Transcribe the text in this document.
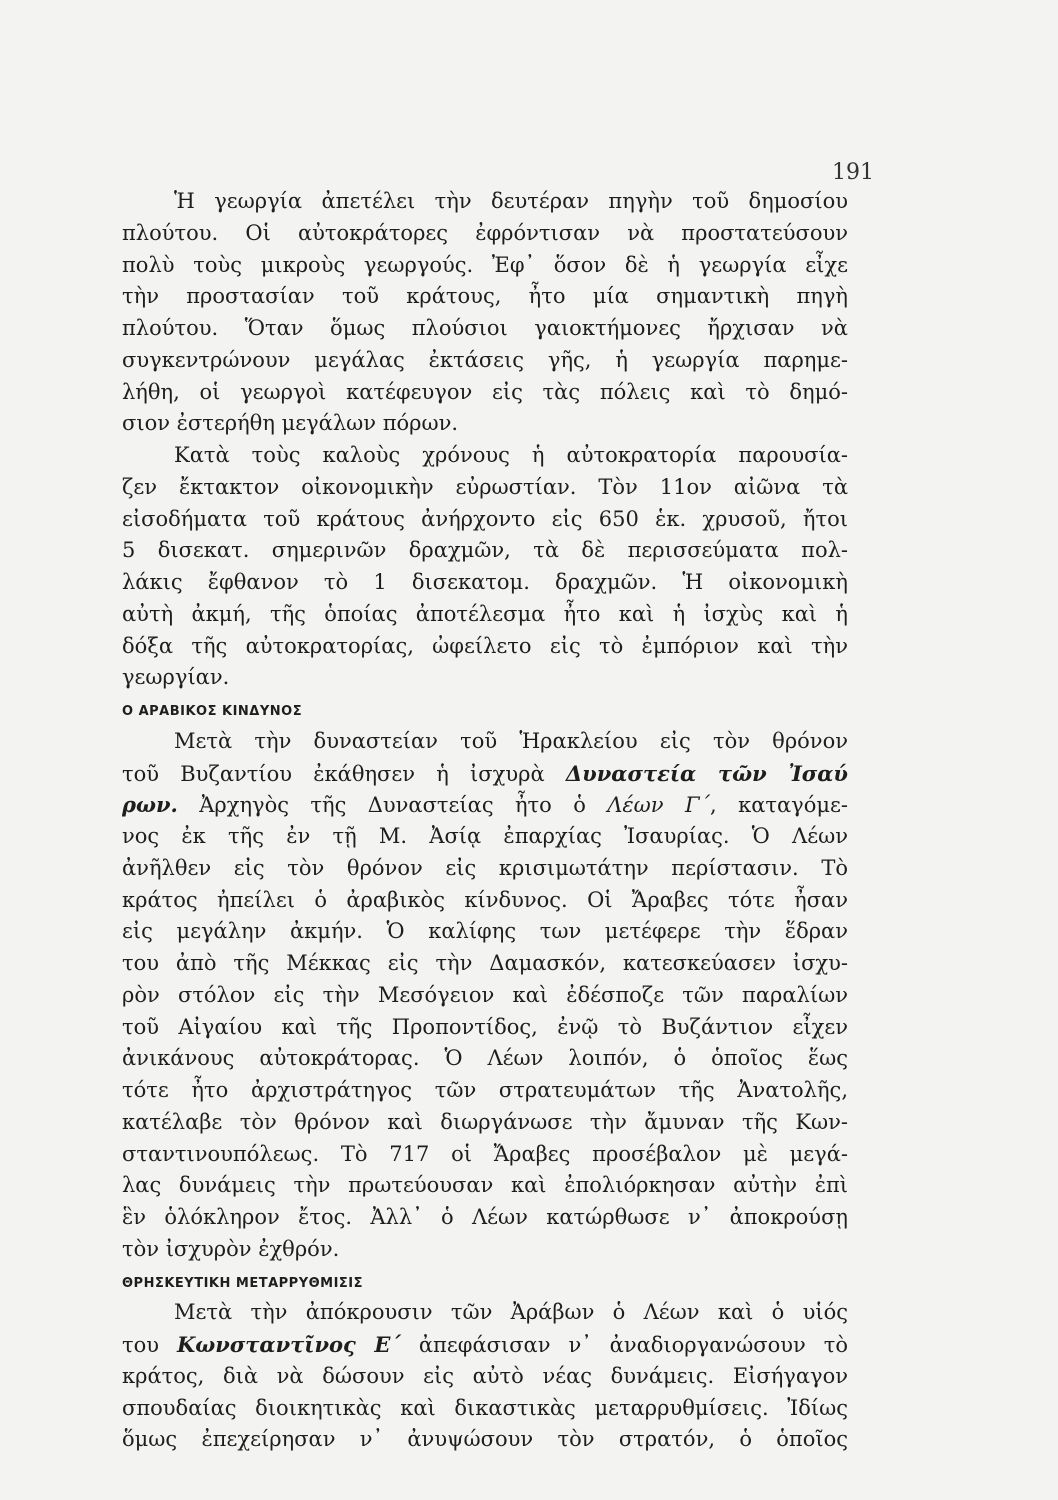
191
Ἡ γεωργία ἀπετέλει τὴν δευτέραν πηγὴν τοῦ δημοσίου
πλούτου. Οἱ αὐτοκράτορες ἐφρόντισαν νὰ προστατεύσουν
πολὺ τοὺς μικροὺς γεωργούς. Ἐφ᾿ ὅσον δὲ ἡ γεωργία εἶχε
τὴν προστασίαν τοῦ κράτους, ἦτο μία σημαντικὴ πηγὴ
πλούτου. Ὅταν ὅμως πλούσιοι γαιοκτήμονες ἤρχισαν νὰ
συγκεντρώνουν μεγάλας ἐκτάσεις γῆς, ἡ γεωργία παρημε-
λήθη, οἱ γεωργοὶ κατέφευγον εἰς τὰς πόλεις καὶ τὸ δημό-
σιον ἐστερήθη μεγάλων πόρων.
Κατὰ τοὺς καλοὺς χρόνους ἡ αὐτοκρατορία παρουσία-
ζεν ἔκτακτον οἰκονομικὴν εὐρωστίαν. Τὸν 11ον αἰῶνα τὰ
εἰσοδήματα τοῦ κράτους ἀνήρχοντο εἰς 650 ἑκ. χρυσοῦ, ἤτοι
5 δισεκατ. σημερινῶν δραχμῶν, τὰ δὲ περισσεύματα πολ-
λάκις ἔφθανον τὸ 1 δισεκατομ. δραχμῶν. Ἡ οἰκονομικὴ
αὐτὴ ἀκμή, τῆς ὁποίας ἀποτέλεσμα ἦτο καὶ ἡ ἰσχὺς καὶ ἡ
δόξα τῆς αὐτοκρατορίας, ὠφείλετο εἰς τὸ ἐμπόριον καὶ τὴν
γεωργίαν.
Ο ΑΡΑΒΙΚΟΣ ΚΙΝΔΥΝΟΣ
Μετὰ τὴν δυναστείαν τοῦ Ἡρακλείου εἰς τὸν θρόνον
τοῦ Βυζαντίου ἐκάθησεν ἡ ἰσχυρὰ Δυναστεία τῶν Ἰσαύ
ρων. Ἀρχηγὸς τῆς Δυναστείας ἦτο ὁ Λέων Γ΄, καταγόμε-
νος ἐκ τῆς ἐν τῇ Μ. Ἀσίᾳ ἐπαρχίας Ἰσαυρίας. Ὁ Λέων
ἀνῆλθεν εἰς τὸν θρόνον εἰς κρισιμωτάτην περίστασιν. Τὸ
κράτος ἠπείλει ὁ ἀραβικὸς κίνδυνος. Οἱ Ἄραβες τότε ἦσαν
εἰς μεγάλην ἀκμήν. Ὁ καλίφης των μετέφερε τὴν ἕδραν
του ἀπὸ τῆς Μέκκας εἰς τὴν Δαμασκόν, κατεσκεύασεν ἰσχυ-
ρὸν στόλον εἰς τὴν Μεσόγειον καὶ ἐδέσποζε τῶν παραλίων
τοῦ Αἰγαίου καὶ τῆς Προποντίδος, ἐνῷ τὸ Βυζάντιον εἶχεν
ἀνικάνους αὐτοκράτορας. Ὁ Λέων λοιπόν, ὁ ὁποῖος ἕως
τότε ἦτο ἀρχιστράτηγος τῶν στρατευμάτων τῆς Ἀνατολῆς,
κατέλαβε τὸν θρόνον καὶ διωργάνωσε τὴν ἄμυναν τῆς Κων-
σταντινουπόλεως. Τὸ 717 οἱ Ἄραβες προσέβαλον μὲ μεγά-
λας δυνάμεις τὴν πρωτεύουσαν καὶ ἐπολιόρκησαν αὐτὴν ἐπὶ
ἓν ὁλόκληρον ἔτος. Ἀλλ᾿ ὁ Λέων κατώρθωσε ν᾿ ἀποκρούσῃ
τὸν ἰσχυρὸν ἐχθρόν.
ΘΡΗΣΚΕΥΤΙΚΗ ΜΕΤΑΡΡΥΘΜΙΣΙΣ
Μετὰ τὴν ἀπόκρουσιν τῶν Ἀράβων ὁ Λέων καὶ ὁ υἱός
του Κωνσταντῖνος Ε΄ ἀπεφάσισαν ν᾿ ἀναδιοργανώσουν τὸ
κράτος, διὰ νὰ δώσουν εἰς αὐτὸ νέας δυνάμεις. Εἰσήγαγον
σπουδαίας διοικητικὰς καὶ δικαστικὰς μεταρρυθμίσεις. Ἰδίως
ὅμως ἐπεχείρησαν ν᾿ ἀνυψώσουν τὸν στρατόν, ὁ ὁποῖος
